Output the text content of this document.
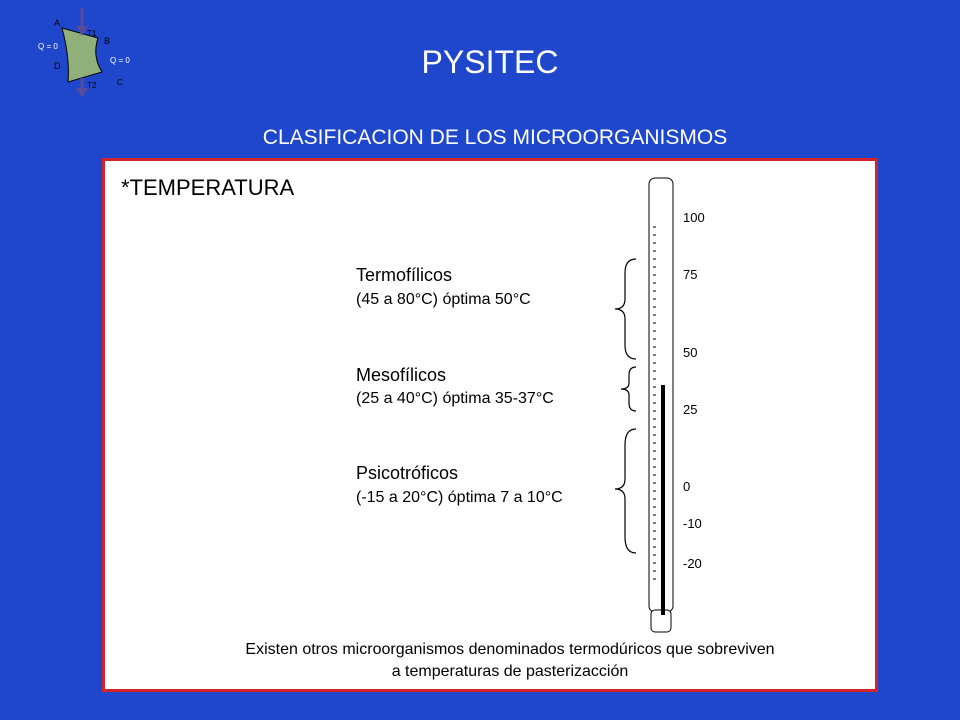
A
B
C
D
T1
T2
Q = 0
Q = 0	PYSITEC
CLASIFICACION DE LOS MICROORGANISMOS
*TEMPERATURA
100
75
50
25
0
-10
-20
Termofílicos
(45 a 80°C) óptima 50°C
Mesofílicos
(25 a 40°C) óptima 35-37°C
Psicotróficos
(-15 a 20°C) óptima 7 a 10°C
Existen otros microorganismos denominados termodúricos que sobreviven
a temperaturas de pasterizacción
